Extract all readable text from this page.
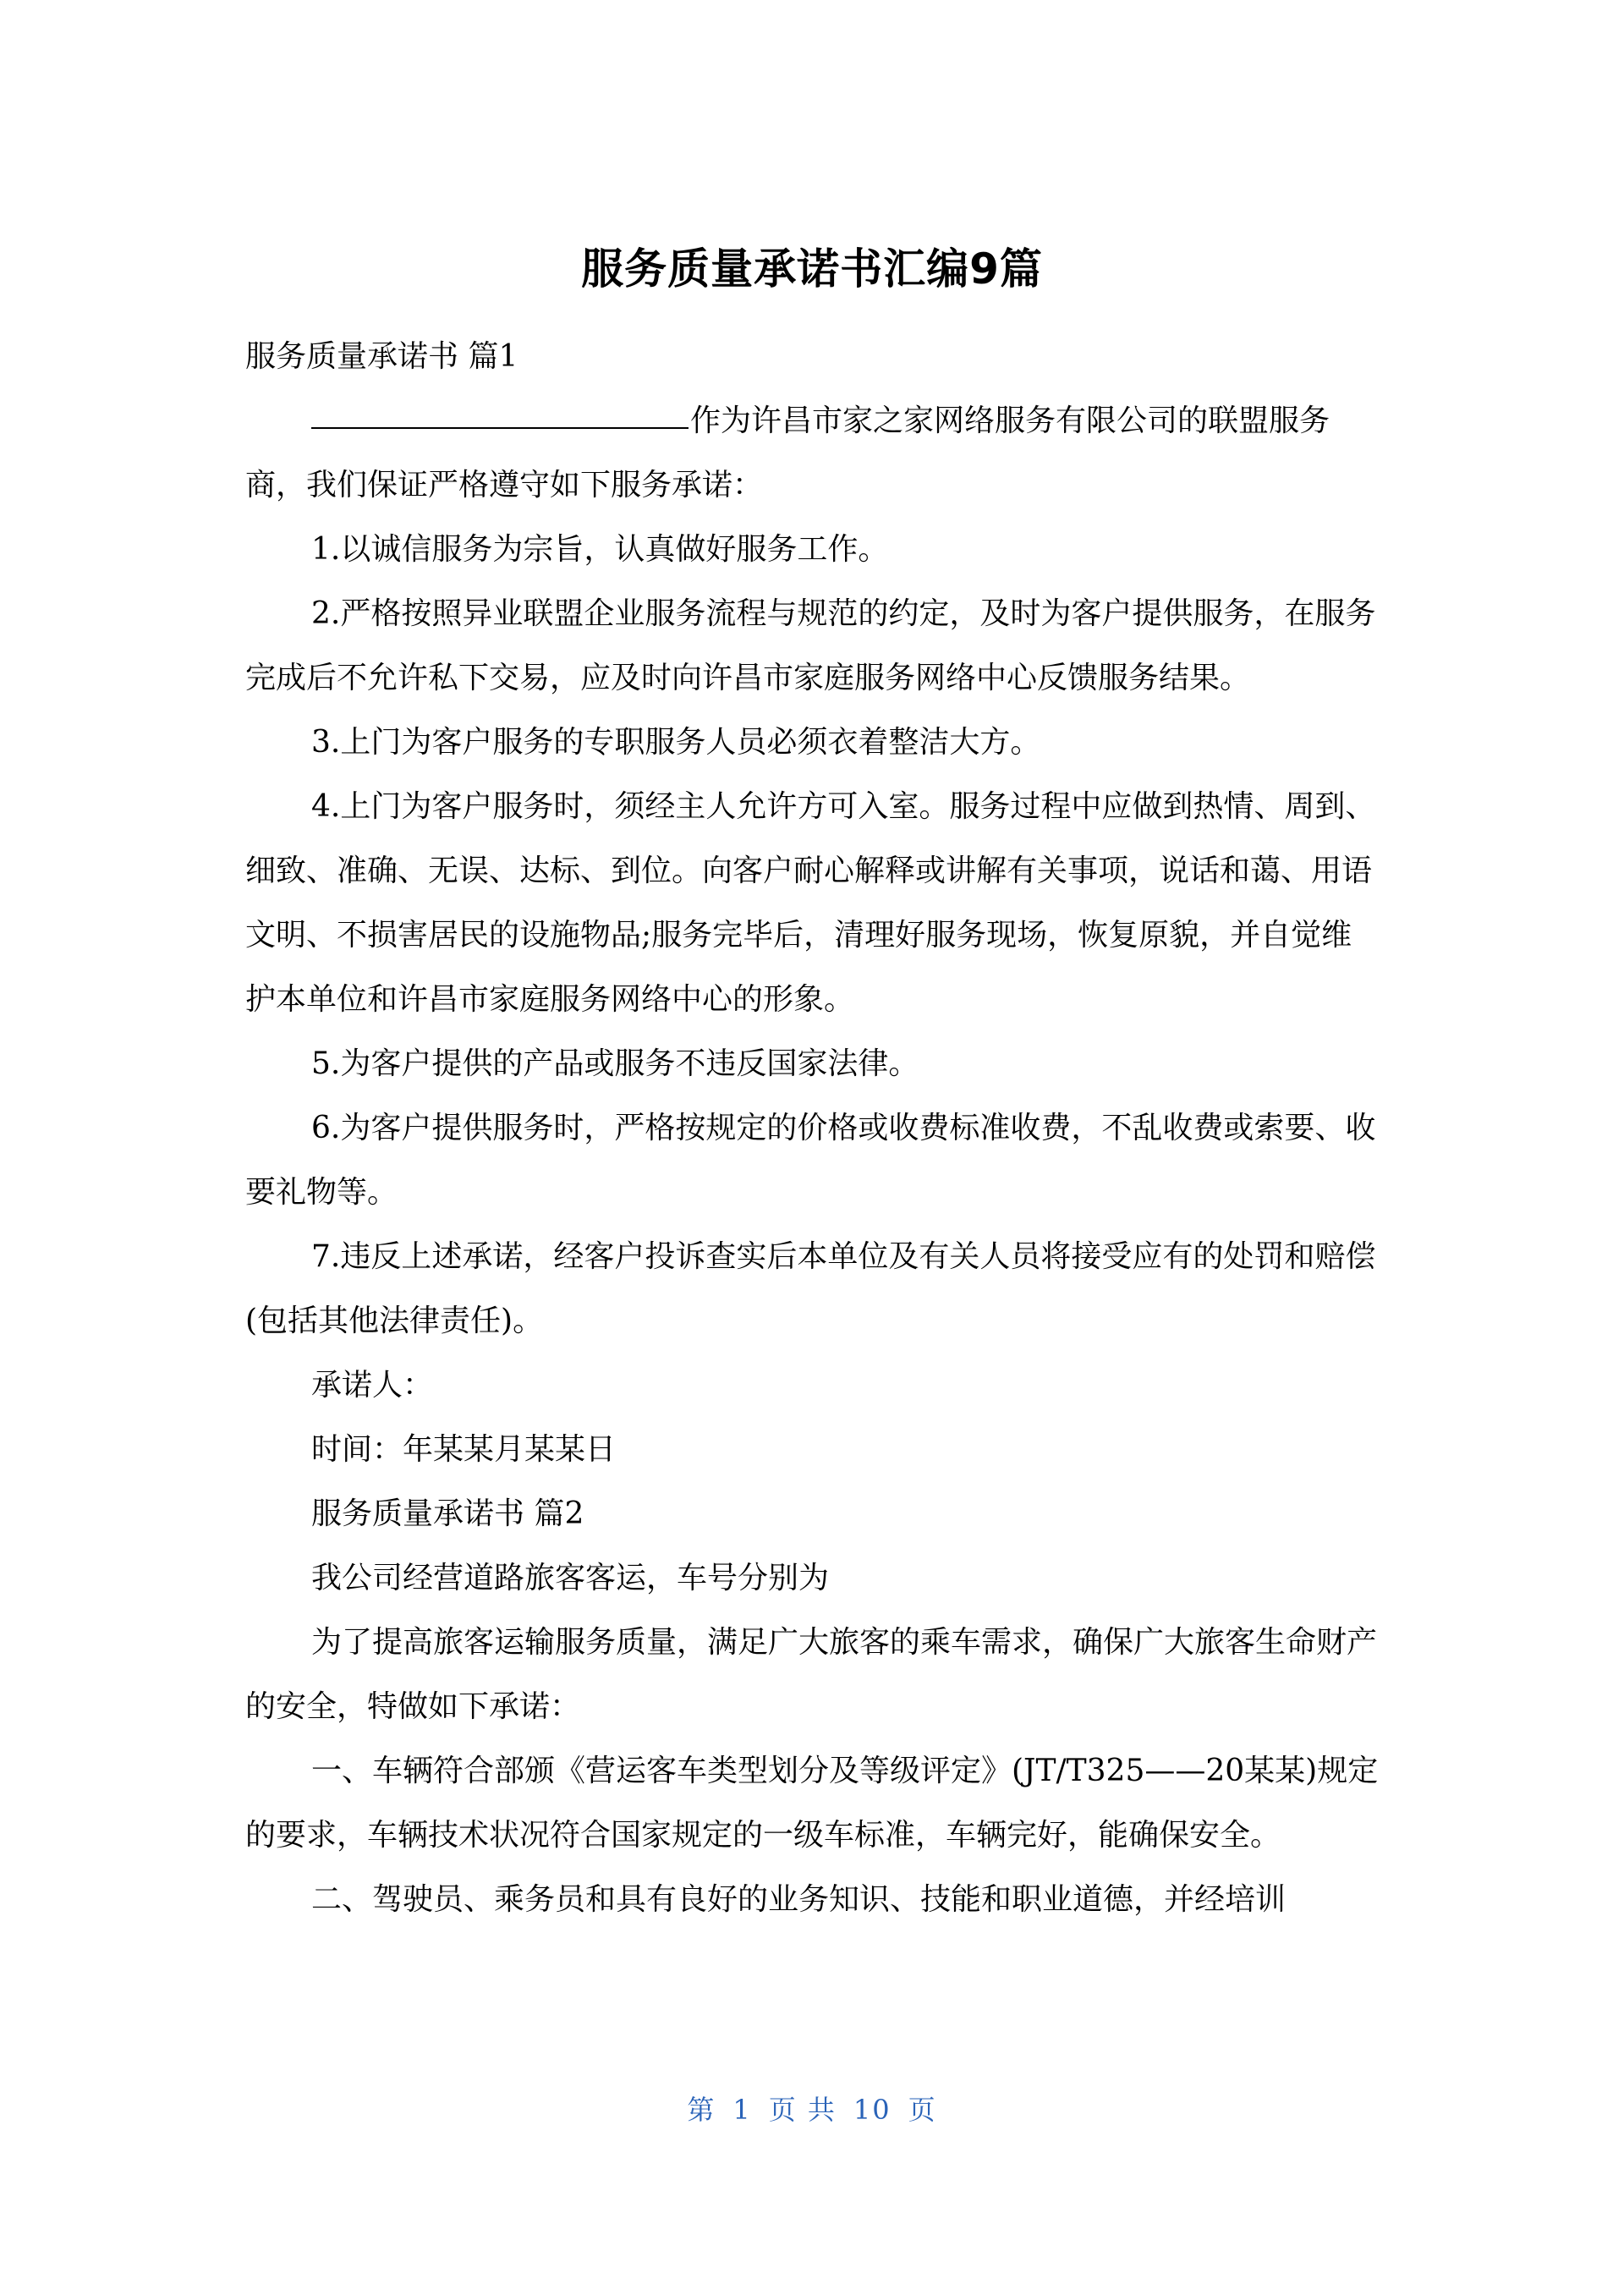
服务质量承诺书汇编9篇

服务质量承诺书 篇1

作为许昌市家之家网络服务有限公司的联盟服务商，我们保证严格遵守如下服务承诺：

1.以诚信服务为宗旨，认真做好服务工作。

2.严格按照异业联盟企业服务流程与规范的约定，及时为客户提供服务，在服务完成后不允许私下交易，应及时向许昌市家庭服务网络中心反馈服务结果。

3.上门为客户服务的专职服务人员必须衣着整洁大方。

4.上门为客户服务时，须经主人允许方可入室。服务过程中应做到热情、周到、细致、准确、无误、达标、到位。向客户耐心解释或讲解有关事项，说话和蔼、用语文明、不损害居民的设施物品;服务完毕后，清理好服务现场，恢复原貌，并自觉维护本单位和许昌市家庭服务网络中心的形象。

5.为客户提供的产品或服务不违反国家法律。

6.为客户提供服务时，严格按规定的价格或收费标准收费，不乱收费或索要、收要礼物等。

7.违反上述承诺，经客户投诉查实后本单位及有关人员将接受应有的处罚和赔偿(包括其他法律责任)。

承诺人：

时间：年某某月某某日

服务质量承诺书 篇2

我公司经营道路旅客客运，车号分别为

为了提高旅客运输服务质量，满足广大旅客的乘车需求，确保广大旅客生命财产的安全，特做如下承诺：

一、车辆符合部颁《营运客车类型划分及等级评定》(JT/T325——20某某)规定的要求，车辆技术状况符合国家规定的一级车标准，车辆完好，能确保安全。

二、驾驶员、乘务员和具有良好的业务知识、技能和职业道德，并经培训

第 1 页 共 10 页
